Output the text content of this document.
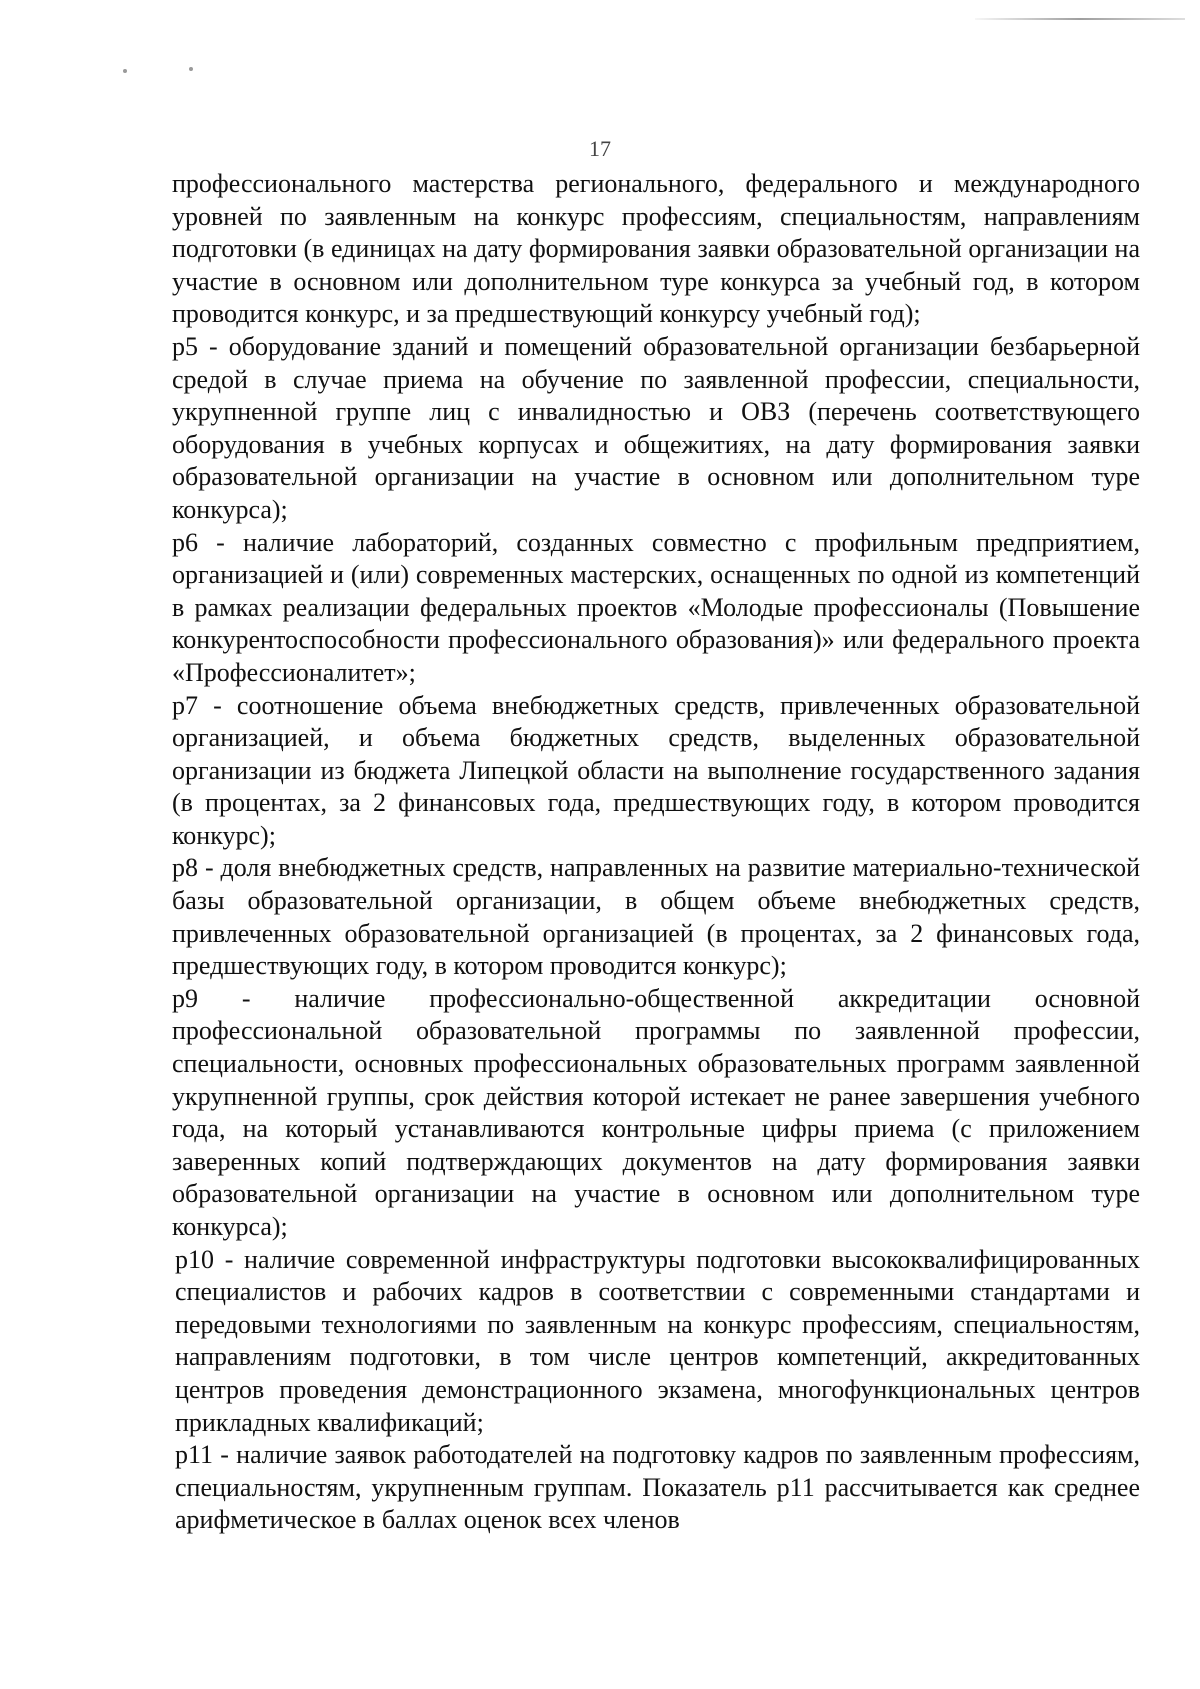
17

профессионального мастерства регионального, федерального и международного уровней по заявленным на конкурс профессиям, специальностям, направлениям подготовки (в единицах на дату формирования заявки образовательной организации на участие в основном или дополнительном туре конкурса за учебный год, в котором проводится конкурс, и за предшествующий конкурсу учебный год);

р5 - оборудование зданий и помещений образовательной организации безбарьерной средой в случае приема на обучение по заявленной профессии, специальности, укрупненной группе лиц с инвалидностью и ОВЗ (перечень соответствующего оборудования в учебных корпусах и общежитиях, на дату формирования заявки образовательной организации на участие в основном или дополнительном туре конкурса);

р6 - наличие лабораторий, созданных совместно с профильным предприятием, организацией и (или) современных мастерских, оснащенных по одной из компетенций в рамках реализации федеральных проектов «Молодые профессионалы (Повышение конкурентоспособности профессионального образования)» или федерального проекта «Профессионалитет»;

р7 - соотношение объема внебюджетных средств, привлеченных образовательной организацией, и объема бюджетных средств, выделенных образовательной организации из бюджета Липецкой области на выполнение государственного задания (в процентах, за 2 финансовых года, предшествующих году, в котором проводится конкурс);

р8 - доля внебюджетных средств, направленных на развитие материально-технической базы образовательной организации, в общем объеме внебюджетных средств, привлеченных образовательной организацией (в процентах, за 2 финансовых года, предшествующих году, в котором проводится конкурс);

р9 - наличие профессионально-общественной аккредитации основной профессиональной образовательной программы по заявленной профессии, специальности, основных профессиональных образовательных программ заявленной укрупненной группы, срок действия которой истекает не ранее завершения учебного года, на который устанавливаются контрольные цифры приема (с приложением заверенных копий подтверждающих документов на дату формирования заявки образовательной организации на участие в основном или дополнительном туре конкурса);

р10 - наличие современной инфраструктуры подготовки высококвалифицированных специалистов и рабочих кадров в соответствии с современными стандартами и передовыми технологиями по заявленным на конкурс профессиям, специальностям, направлениям подготовки, в том числе центров компетенций, аккредитованных центров проведения демонстрационного экзамена, многофункциональных центров прикладных квалификаций;

р11 - наличие заявок работодателей на подготовку кадров по заявленным профессиям, специальностям, укрупненным группам. Показатель р11 рассчитывается как среднее арифметическое в баллах оценок всех членов
